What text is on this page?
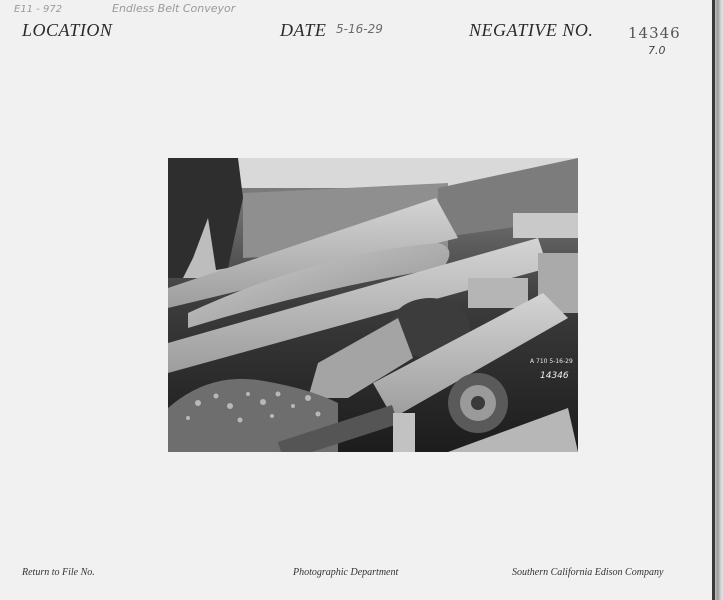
E11 - 972	Endless Belt Conveyor
LOCATION	DATE 5-16-29	NEGATIVE NO. 14346
7.0
A 710 5-16-29
14346
Return to File No.	Photographic Department	Southern California Edison Company
